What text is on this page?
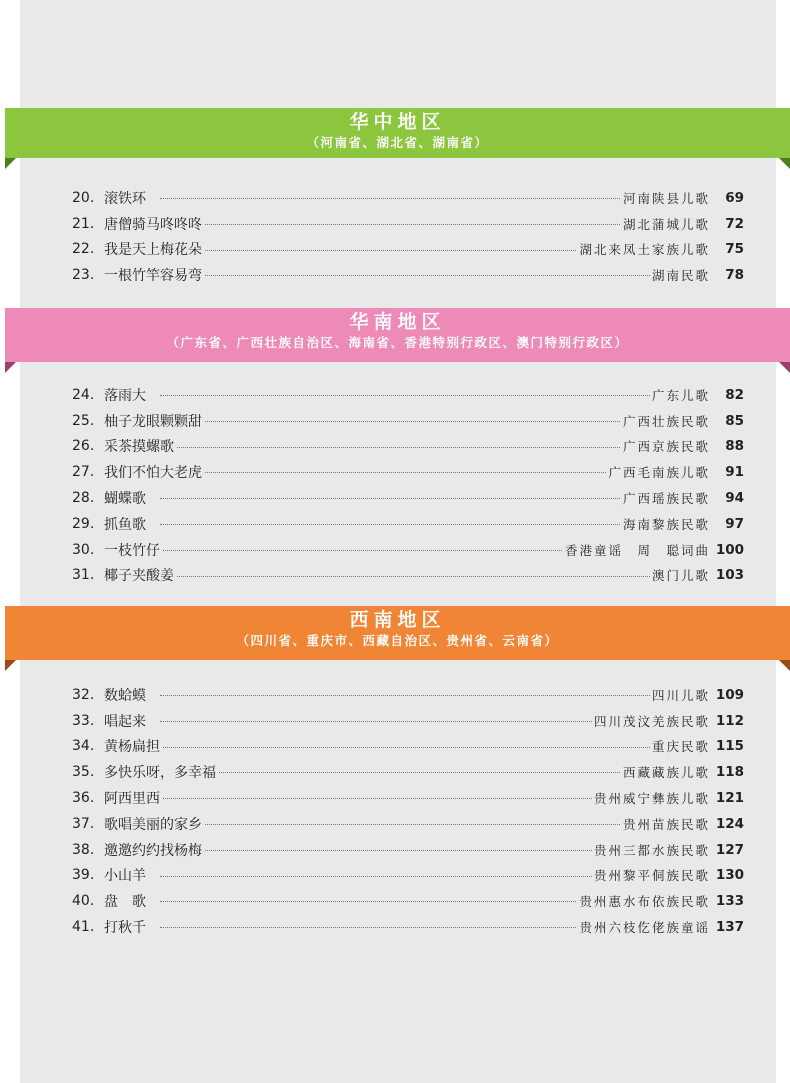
华中地区
（河南省、湖北省、湖南省）
20. 滚铁环	河南陕县儿歌	69
21. 唐僧骑马咚咚咚	湖北蒲城儿歌	72
22. 我是天上梅花朵	湖北来凤土家族儿歌	75
23. 一根竹竿容易弯	湖南民歌	78
华南地区
（广东省、广西壮族自治区、海南省、香港特别行政区、澳门特别行政区）
24. 落雨大	广东儿歌	82
25. 柚子龙眼颗颗甜	广西壮族民歌	85
26. 采茶摸螺歌	广西京族民歌	88
27. 我们不怕大老虎	广西毛南族儿歌	91
28. 蝴蝶歌	广西瑶族民歌	94
29. 抓鱼歌	海南黎族民歌	97
30. 一枝竹仔	香港童谣　周　聪词曲 100
31. 椰子夹酸姜	澳门儿歌 103
西南地区
（四川省、重庆市、西藏自治区、贵州省、云南省）
32. 数蛤蟆	四川儿歌 109
33. 唱起来	四川茂汶羌族民歌 112
34. 黄杨扁担	重庆民歌 115
35. 多快乐呀，多幸福	西藏藏族儿歌 118
36. 阿西里西	贵州威宁彝族儿歌 121
37. 歌唱美丽的家乡	贵州苗族民歌 124
38. 邀邀约约找杨梅	贵州三都水族民歌 127
39. 小山羊	贵州黎平侗族民歌 130
40. 盘　歌	贵州惠水布依族民歌 133
41. 打秋千	贵州六枝仡佬族童谣 137
